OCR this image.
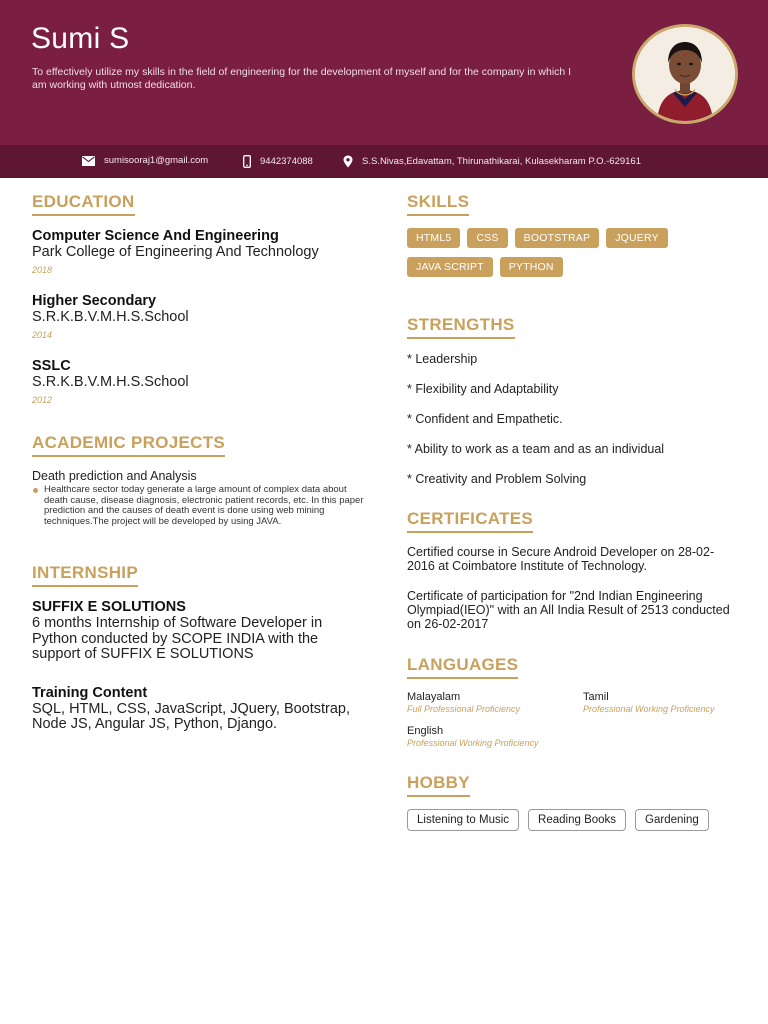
Sumi S
To effectively utilize my skills in the field of engineering for the development of myself and for the company in which I am working with utmost dedication.
sumisooraj1@gmail.com	9442374088	S.S.Nivas,Edavattam, Thirunathikarai, Kulasekharam P.O.-629161
EDUCATION
Computer Science And Engineering
Park College of Engineering And Technology
2018
Higher Secondary
S.R.K.B.V.M.H.S.School
2014
SSLC
S.R.K.B.V.M.H.S.School
2012
ACADEMIC PROJECTS
Death prediction and Analysis
Healthcare sector today generate a large amount of complex data about death cause, disease diagnosis, electronic patient records, etc. In this paper prediction and the causes of death event is done using web mining techniques.The project will be developed by using JAVA.
INTERNSHIP
SUFFIX E SOLUTIONS
6 months Internship of Software Developer in Python conducted by SCOPE INDIA with the support of SUFFIX E SOLUTIONS
Training Content
SQL, HTML, CSS, JavaScript, JQuery, Bootstrap, Node JS, Angular JS, Python, Django.
SKILLS
HTML5	CSS	BOOTSTRAP	JQUERY
JAVA SCRIPT	PYTHON
STRENGTHS
* Leadership
* Flexibility and Adaptability
* Confident and Empathetic.
* Ability to work as a team and as an individual
* Creativity and Problem Solving
CERTIFICATES
Certified course in Secure Android Developer on 28-02- 2016 at Coimbatore Institute of Technology.
Certificate of participation for "2nd Indian Engineering Olympiad(IEO)" with an All India Result of 2513 conducted on 26-02-2017
LANGUAGES
Malayalam
Full Professional Proficiency
Tamil
Professional Working Proficiency
English
Professional Working Proficiency
HOBBY
Listening to Music	Reading Books	Gardening
